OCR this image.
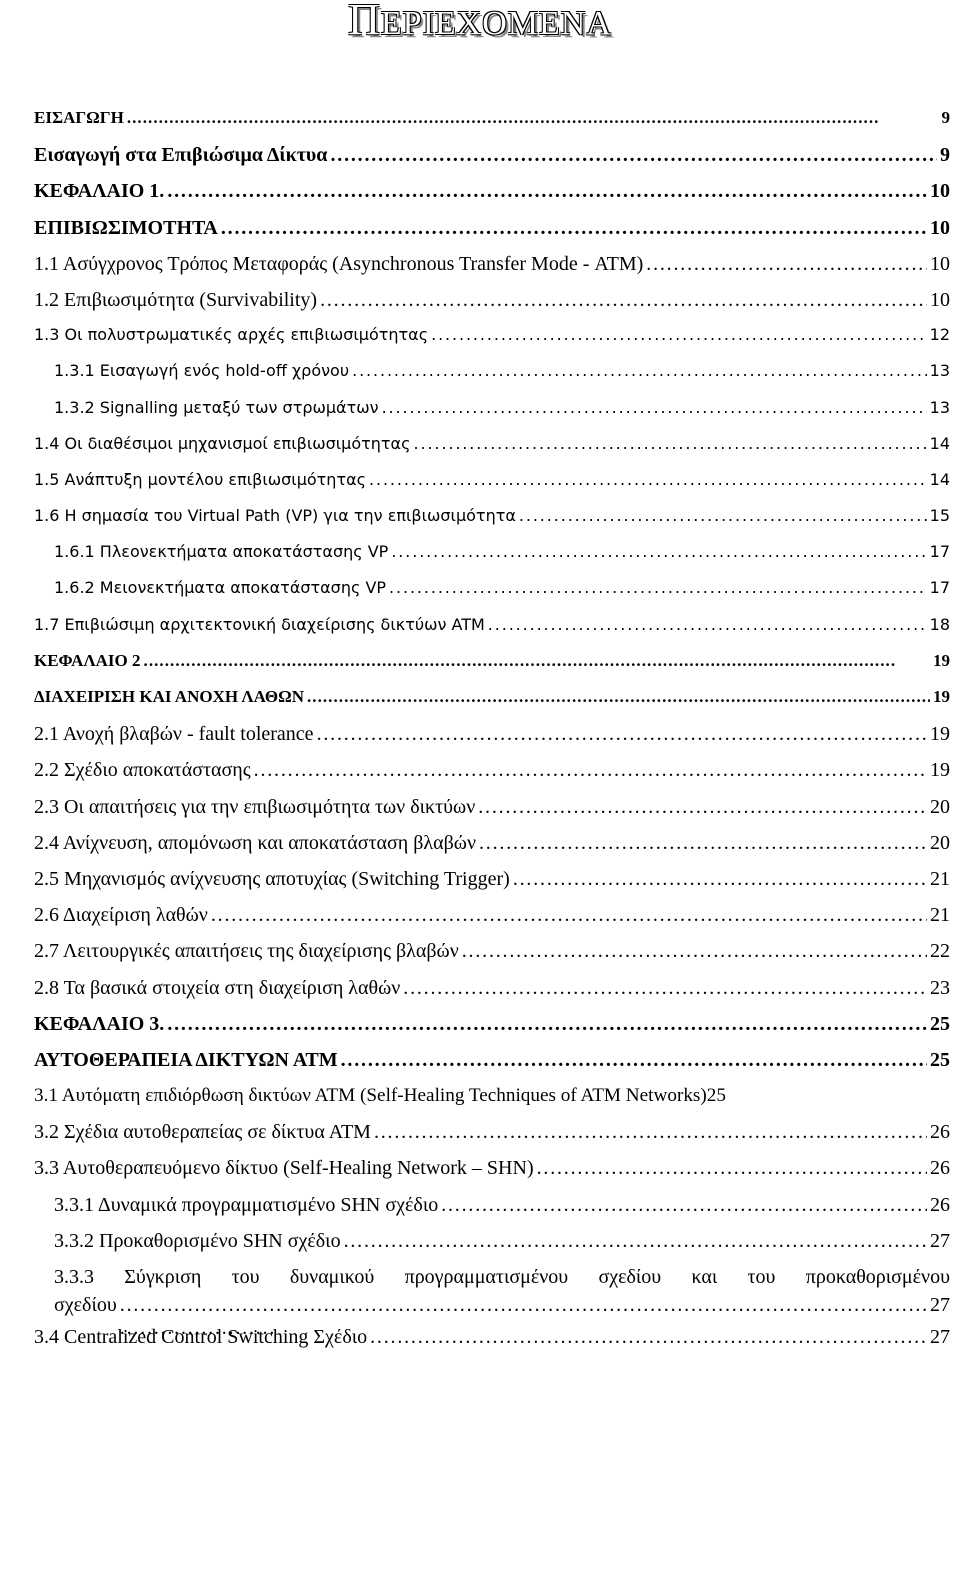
ΠΕΡΙΕΧΟΜΕΝΑ
ΕΙΣΑΓΩΓΗ . . .	9
Εισαγωγή στα Επιβιώσιμα Δίκτυα . . .	9
ΚΕΦΑΛΑΙΟ 1. . . .	10
ΕΠΙΒΙΩΣΙΜΟΤΗΤΑ . . .	10
1.1 Ασύγχρονος Τρόπος Μεταφοράς (Asynchronous Transfer Mode - ΑΤΜ) . . .	10
1.2 Επιβιωσιμότητα (Survivability) . . .	10
1.3 Οι πολυστρωματικές αρχές επιβιωσιμότητας . . .	12
1.3.1 Εισαγωγή ενός hold-off χρόνου . . .	13
1.3.2 Signalling μεταξύ των στρωμάτων . . .	13
1.4 Οι διαθέσιμοι μηχανισμοί επιβιωσιμότητας . . .	14
1.5 Ανάπτυξη μοντέλου επιβιωσιμότητας . . .	14
1.6 Η σημασία του Virtual Path (VP) για την επιβιωσιμότητα . . .	15
1.6.1 Πλεονεκτήματα αποκατάστασης VP . . .	17
1.6.2 Μειονεκτήματα αποκατάστασης VP . . .	17
1.7 Επιβιώσιμη αρχιτεκτονική διαχείρισης δικτύων ATM . . .	18
ΚΕΦΑΛΑΙΟ 2 . . .	19
ΔΙΑΧΕΙΡΙΣΗ ΚΑΙ ΑΝΟΧΗ ΛΑΘΩΝ . . .	19
2.1 Ανοχή βλαβών - fault tolerance . . .	19
2.2 Σχέδιο αποκατάστασης . . .	19
2.3 Οι απαιτήσεις για την επιβιωσιμότητα των δικτύων . . .	20
2.4 Ανίχνευση, απομόνωση και αποκατάσταση βλαβών . . .	20
2.5 Μηχανισμός ανίχνευσης αποτυχίας (Switching Trigger) . . .	21
2.6 Διαχείριση λαθών . . .	21
2.7 Λειτουργικές απαιτήσεις της διαχείρισης βλαβών . . .	22
2.8 Τα βασικά στοιχεία στη διαχείριση λαθών . . .	23
ΚΕΦΑΛΑΙΟ 3. . . .	25
ΑΥΤΟΘΕΡΑΠΕΙΑ ΔΙΚΤΥΩΝ ΑΤΜ . . .	25
3.1 Αυτόματη επιδιόρθωση δικτύων ΑΤΜ (Self-Healing Techniques of ATM Networks) 25
3.2 Σχέδια αυτοθεραπείας σε δίκτυα ΑΤΜ . . .	26
3.3 Αυτοθεραπευόμενο δίκτυο (Self-Healing Network – SHN) . . .	26
3.3.1 Δυναμικά προγραμματισμένο SHN σχέδιο . . .	26
3.3.2 Προκαθορισμένο SHN σχέδιο . . .	27
3.3.3 Σύγκριση του δυναμικού προγραμματισμένου σχεδίου και του προκαθορισμένου
σχεδίου . . .	27
3.4 Centralized Control Switching Σχέδιο . . .	27
